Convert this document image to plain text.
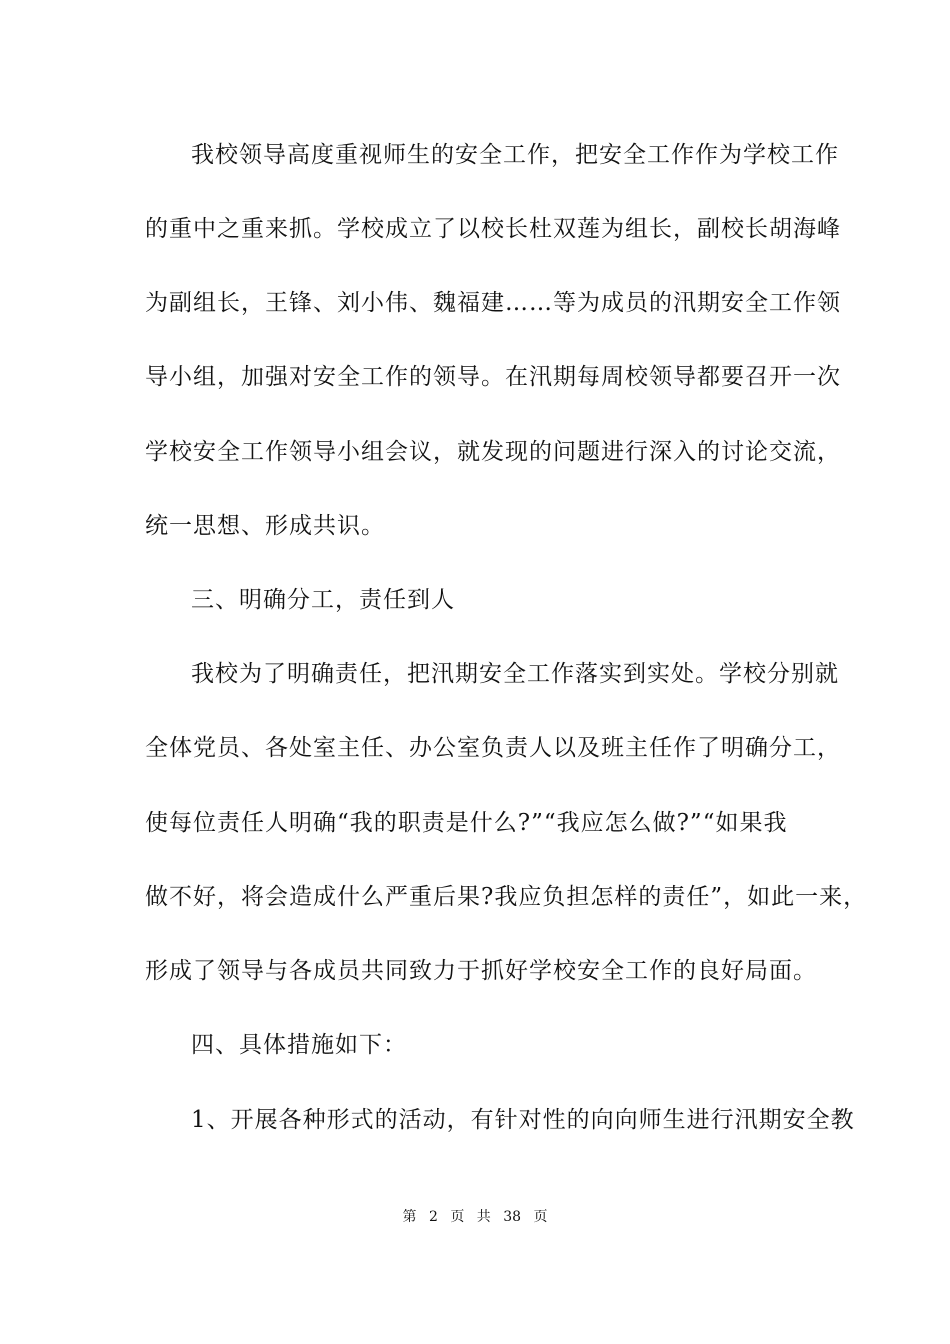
我校领导高度重视师生的安全工作，把安全工作作为学校工作
的重中之重来抓。学校成立了以校长杜双莲为组长，副校长胡海峰
为副组长，王锋、刘小伟、魏福建……等为成员的汛期安全工作领
导小组，加强对安全工作的领导。在汛期每周校领导都要召开一次
学校安全工作领导小组会议，就发现的问题进行深入的讨论交流，
统一思想、形成共识。
三、明确分工，责任到人
我校为了明确责任，把汛期安全工作落实到实处。学校分别就
全体党员、各处室主任、办公室负责人以及班主任作了明确分工，
使每位责任人明确“我的职责是什么?”“我应怎么做?”“如果我
做不好，将会造成什么严重后果?我应负担怎样的责任”，如此一来，
形成了领导与各成员共同致力于抓好学校安全工作的良好局面。
四、具体措施如下：
1、开展各种形式的活动，有针对性的向向师生进行汛期安全教
第 2 页 共 38 页
